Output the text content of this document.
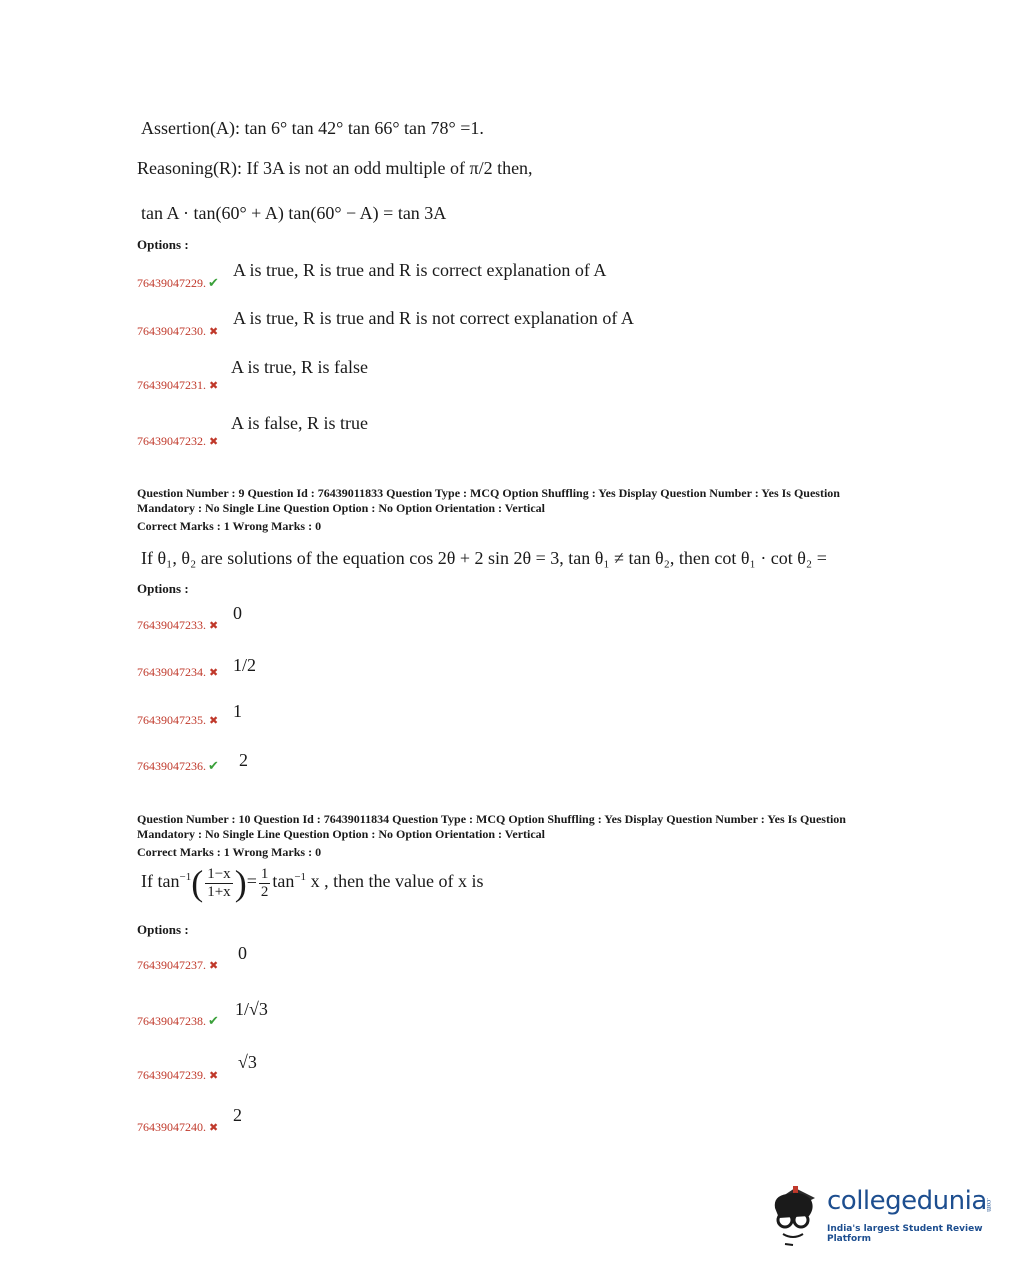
Assertion(A): tan 6° tan 42° tan 66° tan 78° =1.
Reasoning(R): If 3A is not an odd multiple of π/2 then,
tan A · tan(60° + A) tan(60° − A) = tan 3A
Options :
76439047229. ✔
A is true, R is true and R is correct explanation of A
76439047230. ✖
A is true, R is true and R is not correct explanation of A
76439047231. ✖
A is true, R is false
76439047232. ✖
A is false, R is true
Question Number : 9 Question Id : 76439011833 Question Type : MCQ Option Shuffling : Yes Display Question Number : Yes Is Question
Mandatory : No Single Line Question Option : No Option Orientation : Vertical
Correct Marks : 1 Wrong Marks : 0
If θ₁, θ₂ are solutions of the equation cos 2θ + 2 sin 2θ = 3, tan θ₁ ≠ tan θ₂, then cot θ₁ · cot θ₂ =
Options :
76439047233. ✖
0
76439047234. ✖ 1/2
76439047235. ✖ 1
76439047236. ✔ 2
Question Number : 10 Question Id : 76439011834 Question Type : MCQ Option Shuffling : Yes Display Question Number : Yes Is Question
Mandatory : No Single Line Question Option : No Option Orientation : Vertical
Correct Marks : 1 Wrong Marks : 0
If $\tan^{-1}( \frac{1-x}{1+x}$ )= $\frac{1}{2} \tan^{-1} x$ , then the value of x is
Options :
76439047237. ✖
0
76439047238. ✔
1/√3
76439047239. ✖
√3
76439047240. ✖
2
collegedunia
.com
India's largest Student Review Platform
